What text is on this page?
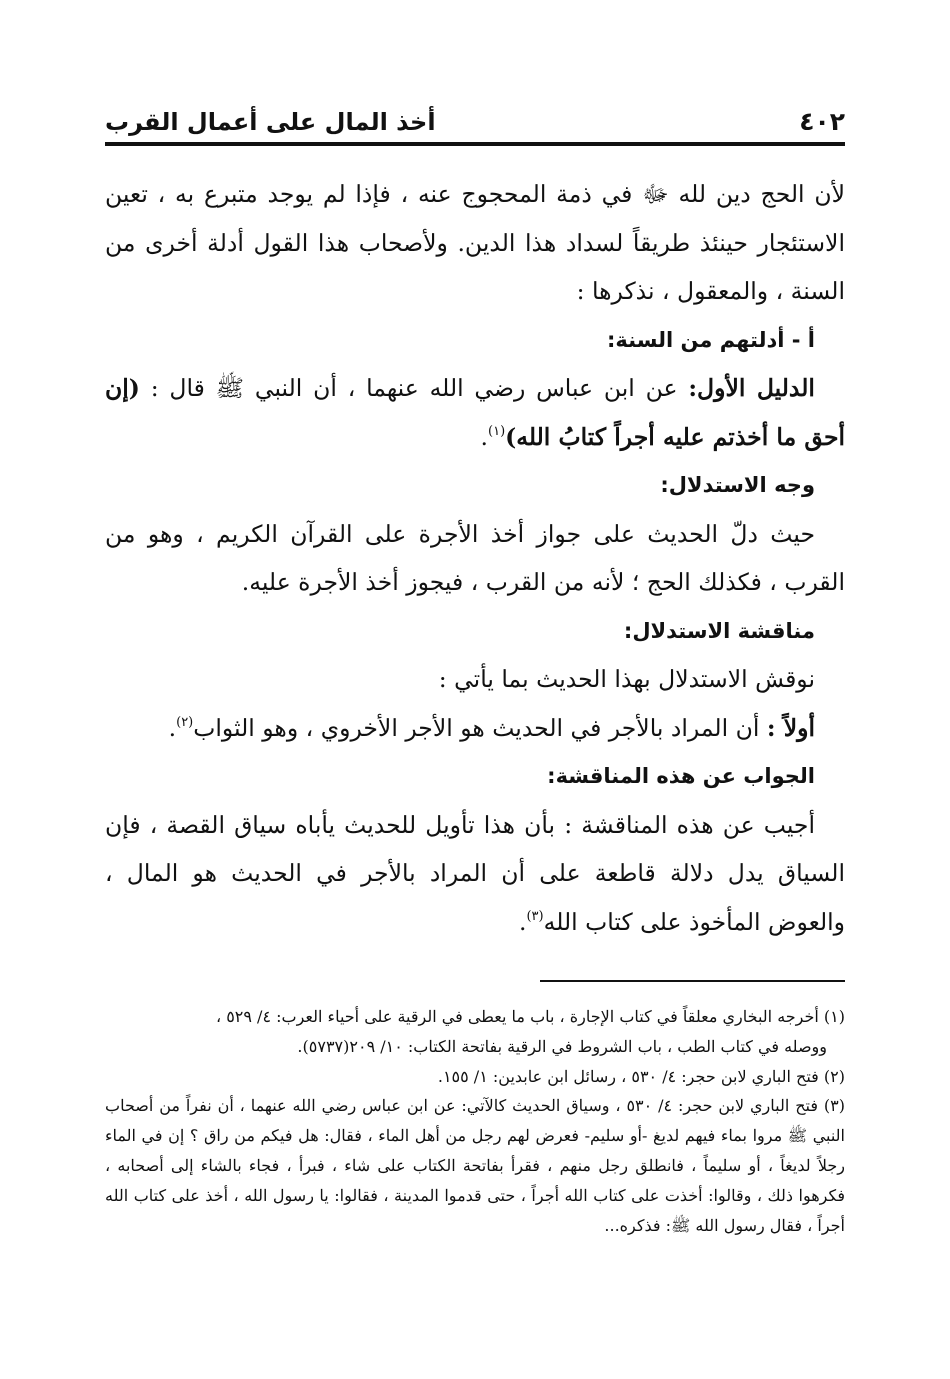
٤٠٢
أخذ المال على أعمال القرب

لأن الحج دين لله ﷻ في ذمة المحجوج عنه ، فإذا لم يوجد متبرع به ، تعين الاستئجار حينئذ طريقاً لسداد هذا الدين. ولأصحاب هذا القول أدلة أخرى من السنة ، والمعقول ، نذكرها :

أ - أدلتهم من السنة:

الدليل الأول: عن ابن عباس رضي الله عنهما ، أن النبي ﷺ قال : (إن أحق ما أخذتم عليه أجراً كتابُ الله)$^{(١)}$.

وجه الاستدلال:

حيث دلّ الحديث على جواز أخذ الأجرة على القرآن الكريم ، وهو من القرب ، فكذلك الحج ؛ لأنه من القرب ، فيجوز أخذ الأجرة عليه.

مناقشة الاستدلال:

نوقش الاستدلال بهذا الحديث بما يأتي :

أولاً : أن المراد بالأجر في الحديث هو الأجر الأخروي ، وهو الثواب$^{(٢)}$.

الجواب عن هذه المناقشة:

أجيب عن هذه المناقشة : بأن هذا تأويل للحديث يأباه سياق القصة ، فإن السياق يدل دلالة قاطعة على أن المراد بالأجر في الحديث هو المال ، والعوض المأخوذ على كتاب الله$^{(٣)}$.

(١) أخرجه البخاري معلقاً في كتاب الإجارة ، باب ما يعطى في الرقية على أحياء العرب: ٤/ ٥٢٩ ،

ووصله في كتاب الطب ، باب الشروط في الرقية بفاتحة الكتاب: ١٠/ ٢٠٩(٥٧٣٧).

(٢) فتح الباري لابن حجر: ٤/ ٥٣٠ ، رسائل ابن عابدين: ١/ ١٥٥.

(٣) فتح الباري لابن حجر: ٤/ ٥٣٠ ، وسياق الحديث كالآتي: عن ابن عباس رضي الله عنهما ، أن نفراً من أصحاب النبي ﷺ مروا بماء فيهم لديغ -أو سليم- فعرض لهم رجل من أهل الماء ، فقال: هل فيكم من راق ؟ إن في الماء رجلاً لديغاً ، أو سليماً ، فانطلق رجل منهم ، فقرأ بفاتحة الكتاب على شاء ، فبرأ ، فجاء بالشاء إلى أصحابه ، فكرهوا ذلك ، وقالوا: أخذت على كتاب الله أجراً ، حتى قدموا المدينة ، فقالوا: يا رسول الله ، أخذ على كتاب الله أجراً ، فقال رسول الله ﷺ: فذكره...
